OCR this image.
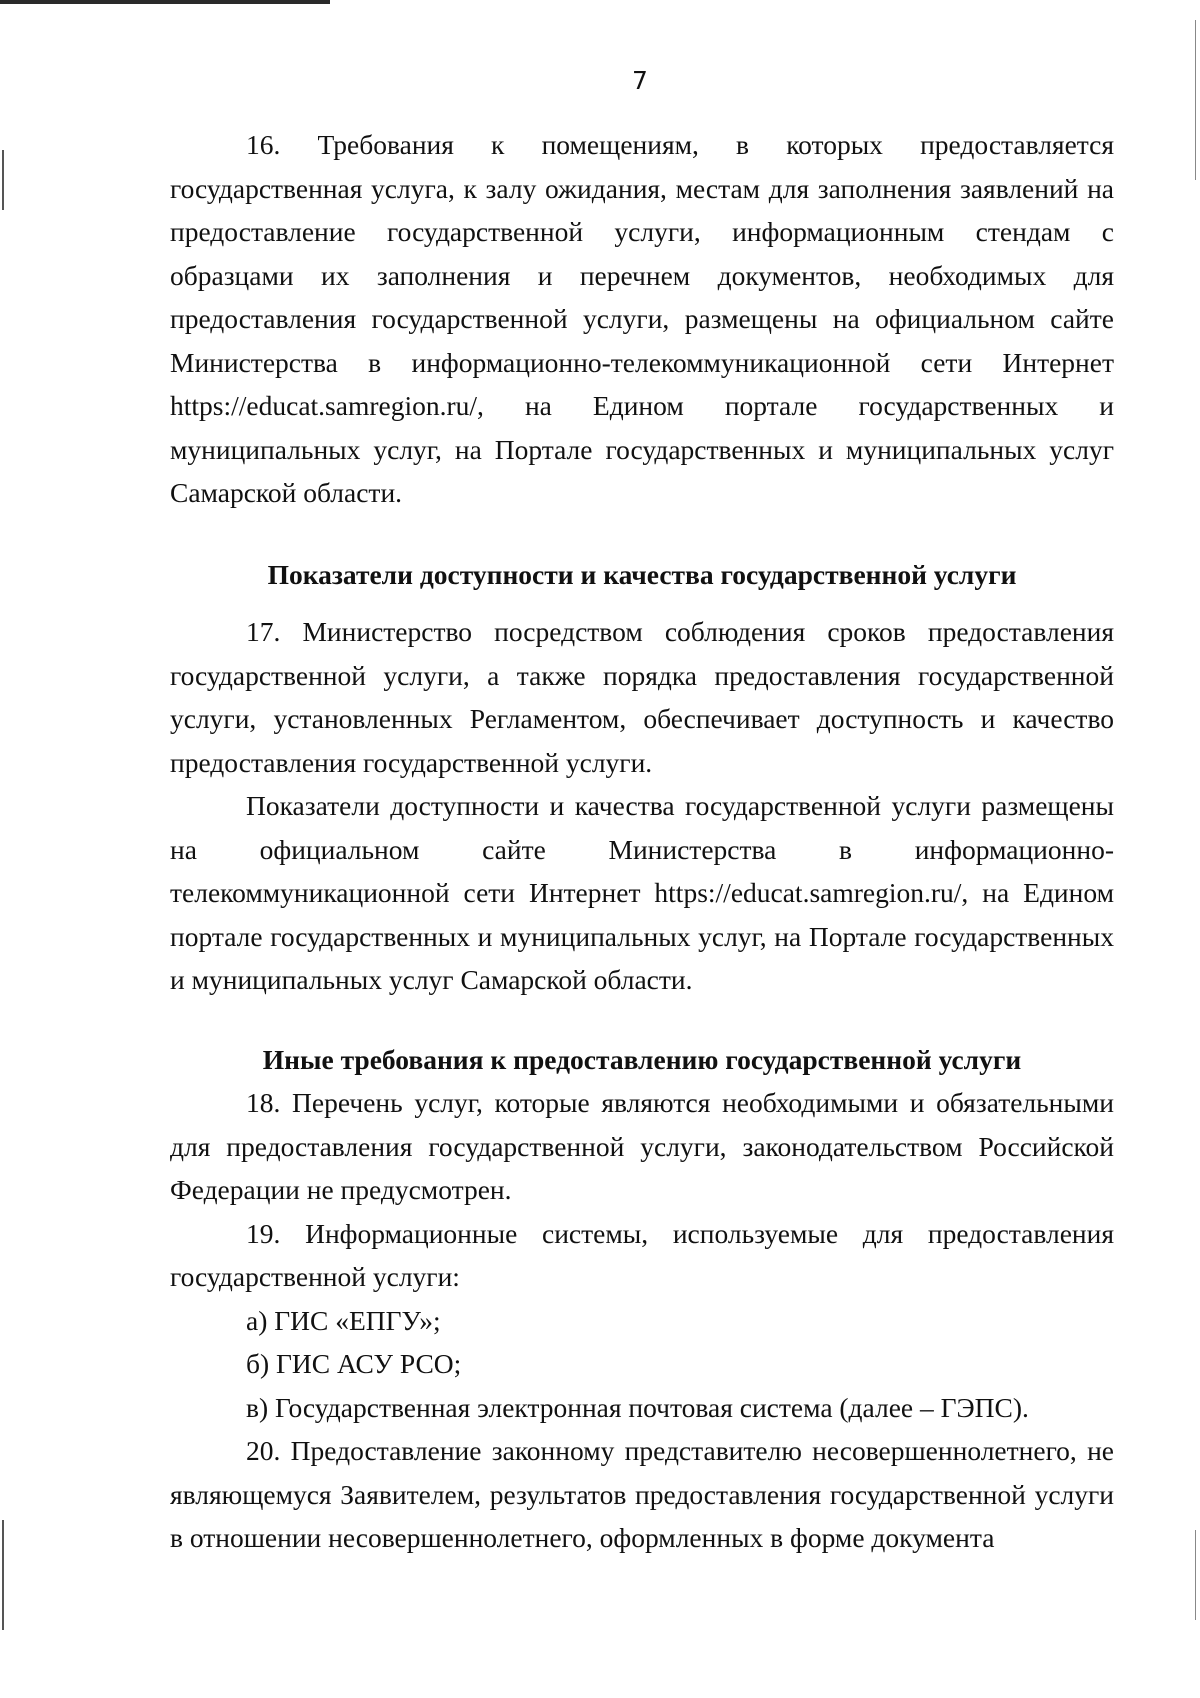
7

16. Требования к помещениям, в которых предоставляется государственная услуга, к залу ожидания, местам для заполнения заявлений на предоставление государственной услуги, информационным стендам с образцами их заполнения и перечнем документов, необходимых для предоставления государственной услуги, размещены на официальном сайте Министерства в информационно-телекоммуникационной сети Интернет https://educat.samregion.ru/, на Едином портале государственных и муниципальных услуг, на Портале государственных и муниципальных услуг Самарской области.

Показатели доступности и качества государственной услуги

17. Министерство посредством соблюдения сроков предоставления государственной услуги, а также порядка предоставления государственной услуги, установленных Регламентом, обеспечивает доступность и качество предоставления государственной услуги.

Показатели доступности и качества государственной услуги размещены на официальном сайте Министерства в информационно-телекоммуникационной сети Интернет https://educat.samregion.ru/, на Едином портале государственных и муниципальных услуг, на Портале государственных и муниципальных услуг Самарской области.

Иные требования к предоставлению государственной услуги

18. Перечень услуг, которые являются необходимыми и обязательными для предоставления государственной услуги, законодательством Российской Федерации не предусмотрен.

19. Информационные системы, используемые для предоставления государственной услуги:

а) ГИС «ЕПГУ»;

б) ГИС АСУ РСО;

в) Государственная электронная почтовая система (далее – ГЭПС).

20. Предоставление законному представителю несовершеннолетнего, не являющемуся Заявителем, результатов предоставления государственной услуги в отношении несовершеннолетнего, оформленных в форме документа
